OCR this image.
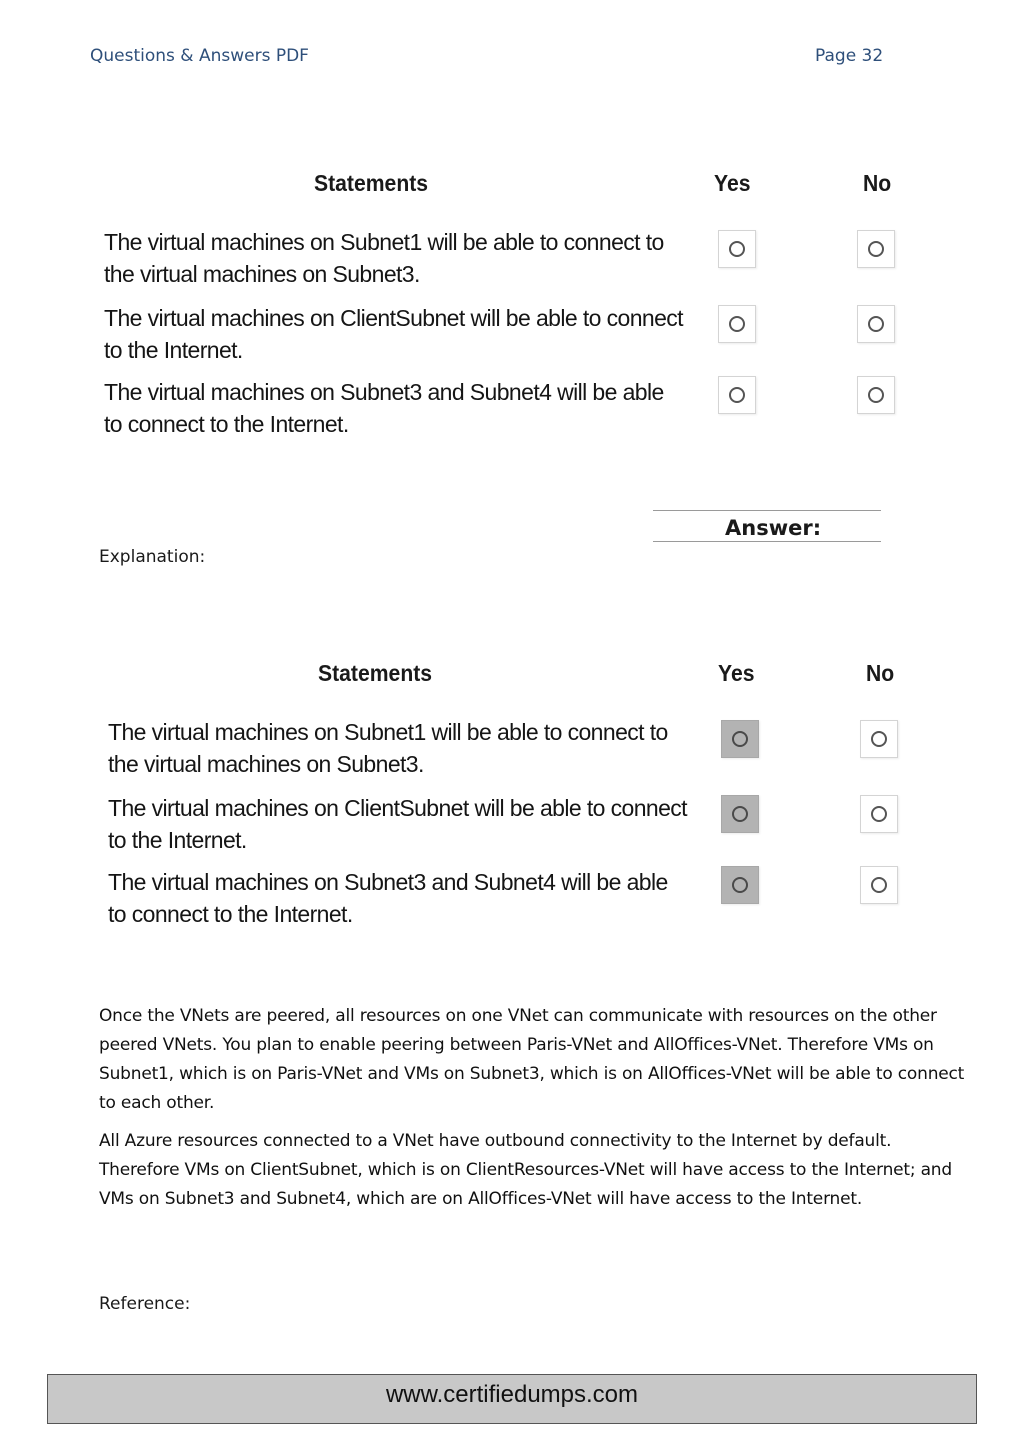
Questions & Answers PDF	Page 32
Statements	Yes	No
The virtual machines on Subnet1 will be able to connect to
the virtual machines on Subnet3.
The virtual machines on ClientSubnet will be able to connect
to the Internet.
The virtual machines on Subnet3 and Subnet4 will be able
to connect to the Internet.
Answer:
Explanation:
Statements	Yes	No
The virtual machines on Subnet1 will be able to connect to
the virtual machines on Subnet3.
The virtual machines on ClientSubnet will be able to connect
to the Internet.
The virtual machines on Subnet3 and Subnet4 will be able
to connect to the Internet.
Once the VNets are peered, all resources on one VNet can communicate with resources on the other peered VNets. You plan to enable peering between Paris-VNet and AllOffices-VNet. Therefore VMs on Subnet1, which is on Paris-VNet and VMs on Subnet3, which is on AllOffices-VNet will be able to connect to each other.
All Azure resources connected to a VNet have outbound connectivity to the Internet by default. Therefore VMs on ClientSubnet, which is on ClientResources-VNet will have access to the Internet; and VMs on Subnet3 and Subnet4, which are on AllOffices-VNet will have access to the Internet.
Reference:
www.certifiedumps.com
